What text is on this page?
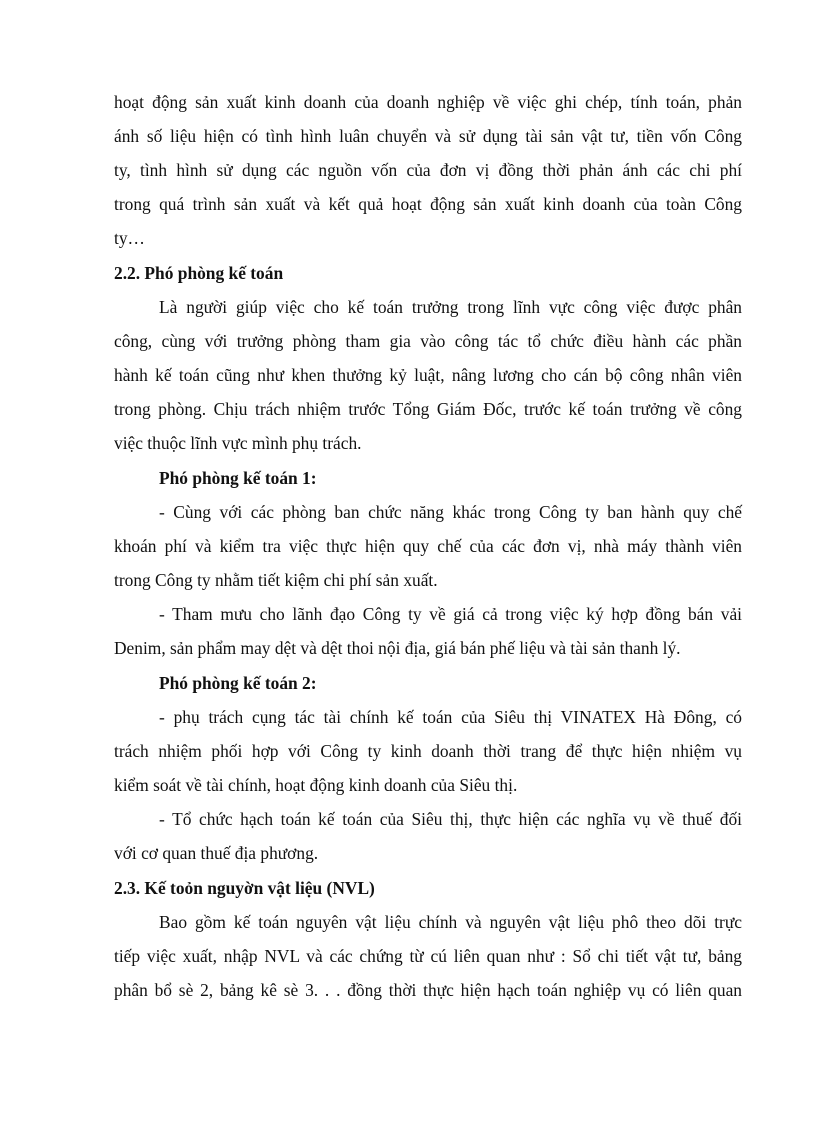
hoạt động sản xuất kinh doanh của doanh nghiệp về việc ghi chép, tính toán, phản
ánh số liệu hiện có tình hình luân chuyển và sử dụng tài sản vật tư, tiền vốn Công
ty, tình hình sử dụng các nguồn vốn của đơn vị đồng thời phản ánh các chi phí
trong quá trình sản xuất và kết quả hoạt động sản xuất kinh doanh của toàn Công
ty…
2.2. Phó phòng kế toán
Là người giúp việc cho kế toán trưởng trong lĩnh vực công việc được phân
công, cùng với trưởng phòng tham gia vào công tác tổ chức điều hành các phần
hành kế toán cũng như khen thưởng kỷ luật, nâng lương cho cán bộ công nhân viên
trong phòng. Chịu trách nhiệm trước Tổng Giám Đốc, trước kế toán trưởng về công
việc thuộc lĩnh vực mình phụ trách.
Phó phòng kế toán 1:
- Cùng với các phòng ban chức năng khác trong Công ty ban hành quy chế
khoán phí và kiểm tra việc thực hiện quy chế của các đơn vị, nhà máy thành viên
trong Công ty nhằm tiết kiệm chi phí sản xuất.
- Tham mưu cho lãnh đạo Công ty về giá cả trong việc ký hợp đồng bán vải
Denim, sản phẩm may dệt và dệt thoi nội địa, giá bán phế liệu và tài sản thanh lý.
Phó phòng kế toán 2:
- phụ trách cụng tác tài chính kế toán của Siêu thị VINATEX Hà Đông, có
trách nhiệm phối hợp với Công ty kinh doanh thời trang để thực hiện nhiệm vụ
kiểm soát về tài chính, hoạt động kinh doanh của Siêu thị.
- Tổ chức hạch toán kế toán của Siêu thị, thực hiện các nghĩa vụ về thuế đối
với cơ quan thuế địa phương.
2.3. Kế toỏn nguyờn vật liệu (NVL)
Bao gồm kế toán nguyên vật liệu chính và nguyên vật liệu phô theo dõi trực
tiếp việc xuất, nhập NVL và các chứng từ cú liên quan như : Sổ chi tiết vật tư, bảng
phân bổ sè 2, bảng kê sè 3. . . đồng thời thực hiện hạch toán nghiệp vụ có liên quan
